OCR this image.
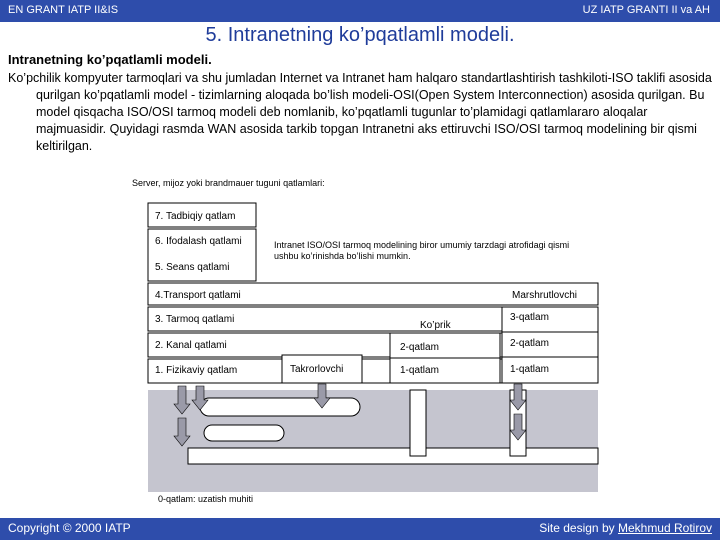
EN GRANT IATP II&IS	UZ IATP GRANTI II va AH
5. Intranetning ko’pqatlamli modeli.
Intranetning ko’pqatlamli modeli.

Ko’pchilik kompyuter tarmoqlari va shu jumladan Internet va Intranet ham halqaro standartlashtirish tashkiloti-ISO taklifi asosida qurilgan ko’pqatlamli model - tizimlarning aloqada bo’lish modeli-OSI(Open System Interconnection) asosida qurilgan. Bu model qisqacha ISO/OSI tarmoq modeli deb nomlanib, ko’pqatlamli tugunlar to’plamidagi qatlamlararo aloqalar majmuasidir. Quyidagi rasmda WAN asosida tarkib topgan Intranetni aks ettiruvchi ISO/OSI tarmoq modelining bir qismi keltirilgan.

Server, mijoz yoki brandmauer tuguni qatlamlari:
7. Tadbiqiy qatlam
6. Ifodalash qatlami
5. Seans qatlami
4.Transport qatlami
3. Tarmoq qatlami
2. Kanal qatlami
1. Fizikaviy qatlam
Intranet ISO/OSI tarmoq modelining biror umumiy tarzdagi atrofidagi qismi ushbu ko’rinishda bo’lishi mumkin.
Marshrutlovchi
Ko’prik
Takrorlovchi
3-qatlam
2-qatlam
1-qatlam
2-qatlam
1-qatlam
0-qatlam: uzatish muhiti
Copyright © 2000 IATP	Site design by Mekhmud Rotirov
